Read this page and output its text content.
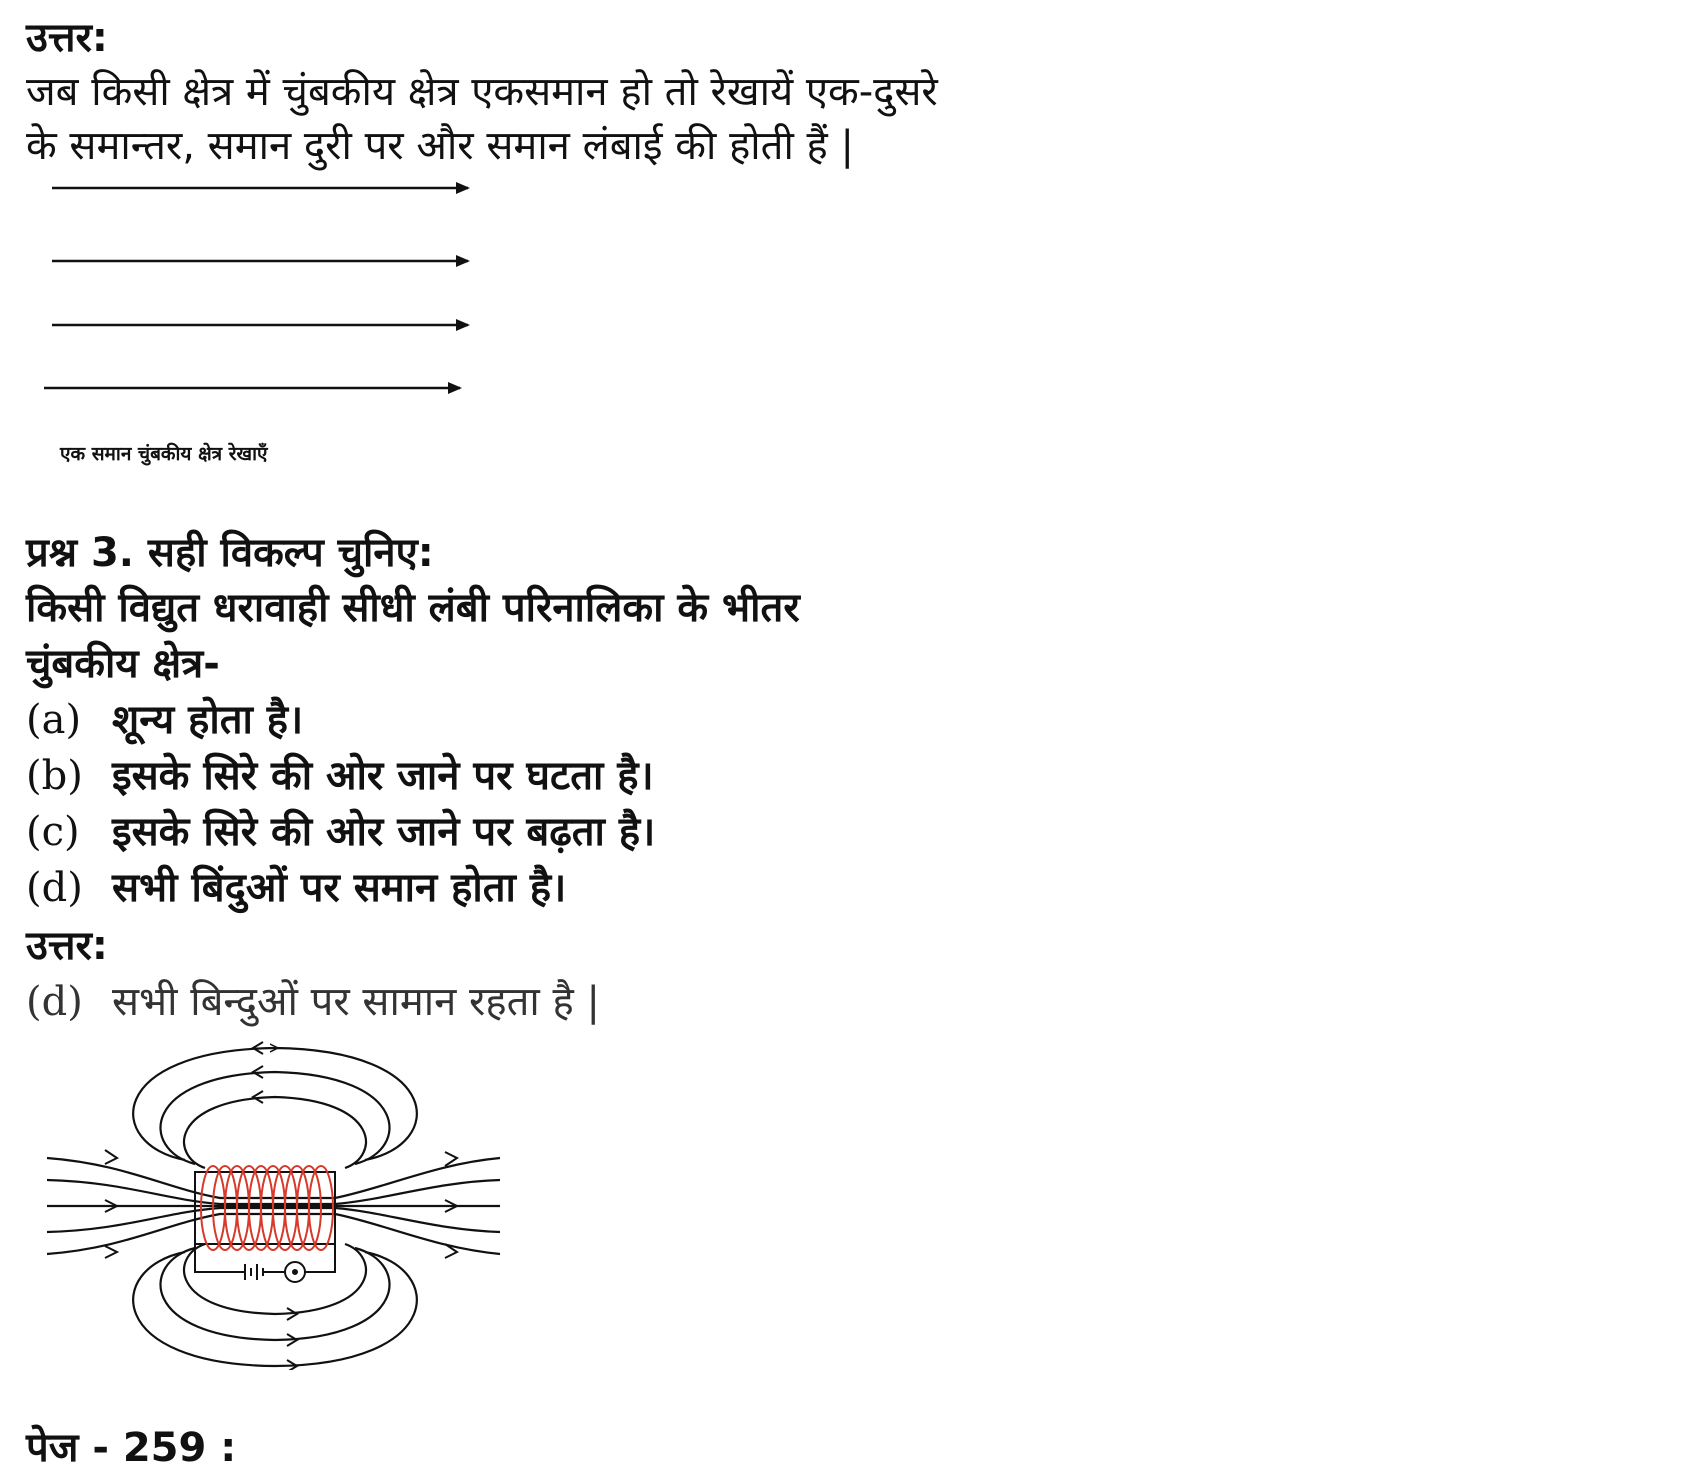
उत्तर:
जब किसी क्षेत्र में चुंबकीय क्षेत्र एकसमान हो तो रेखायें एक-दुसरे
के समान्तर, समान दुरी पर और समान लंबाई की होती हैं |
एक समान चुंबकीय क्षेत्र रेखाएँ
प्रश्न 3. सही विकल्प चुनिए:
किसी विद्युत धरावाही सीधी लंबी परिनालिका के भीतर
चुंबकीय क्षेत्र-
(a) शून्य होता है।
(b) इसके सिरे की ओर जाने पर घटता है।
(c) इसके सिरे की ओर जाने पर बढ़ता है।
(d) सभी बिंदुओं पर समान होता है।
उत्तर:
(d) सभी बिन्दुओं पर सामान रहता है |
पेज - 259 :
